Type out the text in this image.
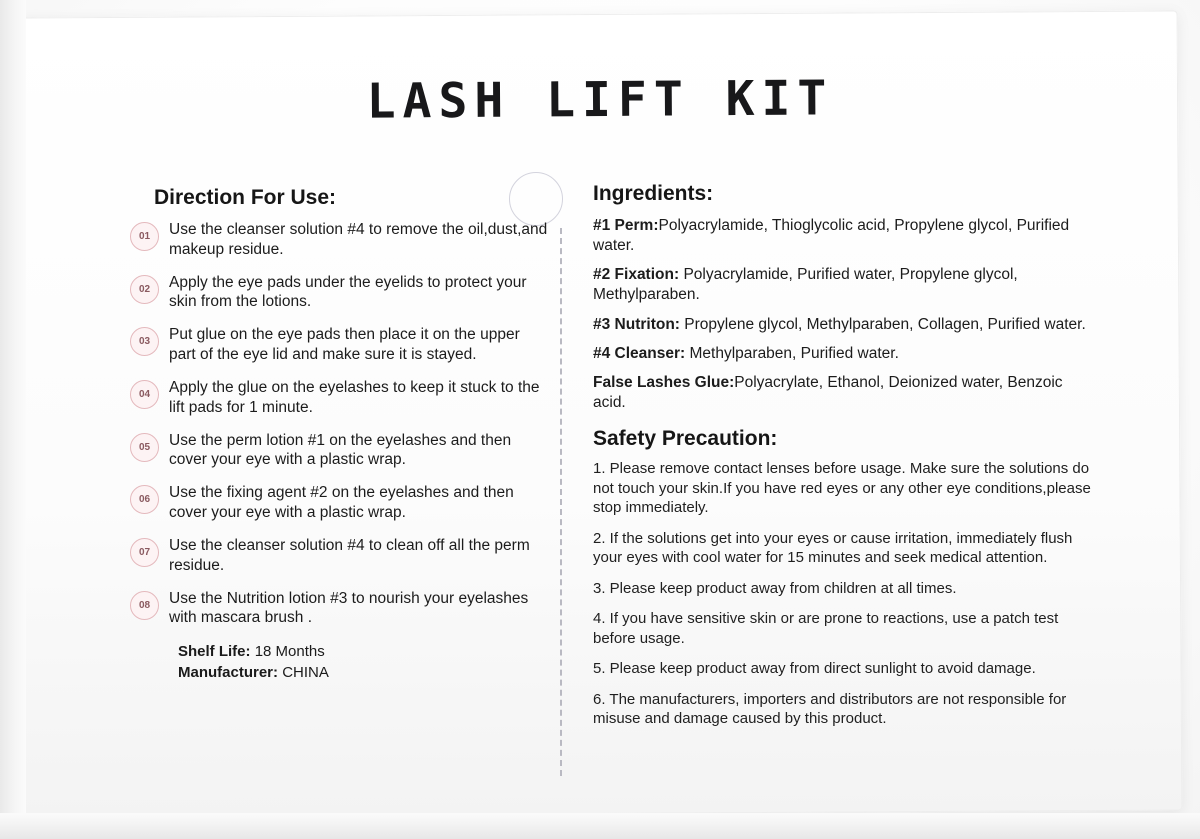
LASH LIFT KIT
Direction For Use:
01	Use the cleanser solution #4 to remove the oil,dust,and makeup residue.
02	Apply the eye pads under the eyelids to protect your skin from the lotions.
03	Put glue on the eye pads then place it on the upper part of the eye lid and make sure it is stayed.
04	Apply the glue on the eyelashes to keep it stuck to the lift pads for 1 minute.
05	Use the perm lotion #1 on the eyelashes and then cover your eye with a plastic wrap.
06	Use the fixing agent #2 on the eyelashes and then cover your eye with a plastic wrap.
07	Use the cleanser solution #4 to clean off all the perm residue.
08	Use the Nutrition lotion #3 to nourish your eyelashes with mascara brush .
Shelf Life: 18 Months
Manufacturer: CHINA
Ingredients:
#1 Perm:Polyacrylamide, Thioglycolic acid, Propylene glycol, Purified water.
#2 Fixation: Polyacrylamide, Purified water, Propylene glycol, Methylparaben.
#3 Nutriton: Propylene glycol, Methylparaben, Collagen, Purified water.
#4 Cleanser: Methylparaben, Purified water.
False Lashes Glue:Polyacrylate, Ethanol, Deionized water, Benzoic acid.
Safety Precaution:
1. Please remove contact lenses before usage. Make sure the solutions do not touch your skin.If you have red eyes or any other eye conditions,please stop immediately.
2. If the solutions get into your eyes or cause irritation, immediately flush your eyes with cool water for 15 minutes and seek medical attention.
3. Please keep product away from children at all times.
4. If you have sensitive skin or are prone to reactions, use a patch test before usage.
5. Please keep product away from direct sunlight to avoid damage.
6. The manufacturers, importers and distributors are not responsible for misuse and damage caused by this product.
